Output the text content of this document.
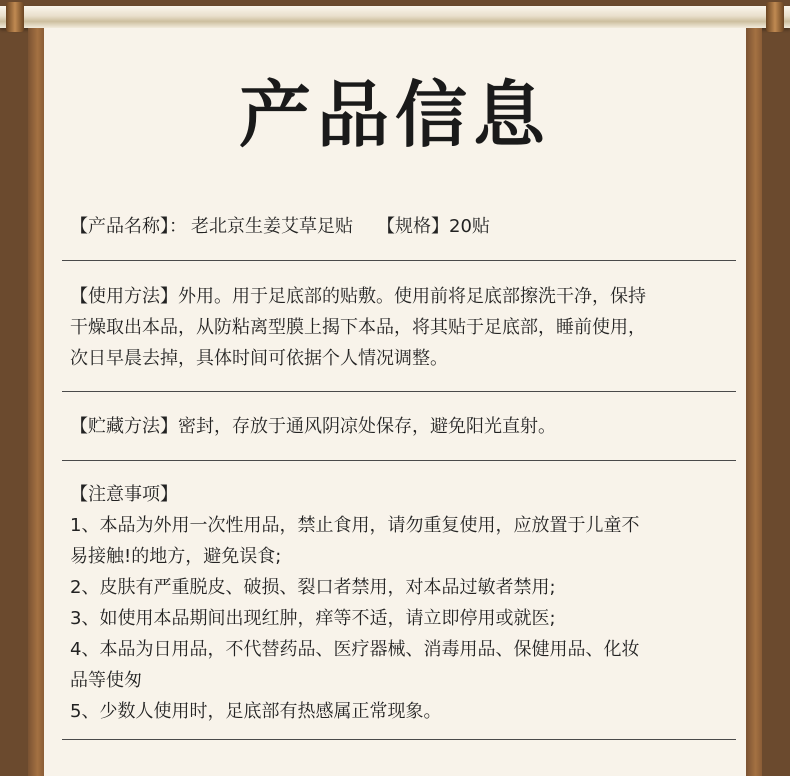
产品信息

【产品名称】： 老北京生姜艾草足贴 【规格】20贴

【使用方法】外用。用于足底部的贴敷。使用前将足底部擦洗干净，保持

干燥取出本品，从防粘离型膜上揭下本品，将其贴于足底部，睡前使用，

次日早晨去掉，具体时间可依据个人情况调整。

【贮藏方法】密封，存放于通风阴凉处保存，避免阳光直射。

【注意事项】

1、本品为外用一次性用品，禁止食用，请勿重复使用，应放置于儿童不

易接触!的地方，避免误食;

2、皮肤有严重脱皮、破损、裂口者禁用，对本品过敏者禁用;

3、如使用本品期间出现红肿，痒等不适，请立即停用或就医;

4、本品为日用品，不代替药品、医疗器械、消毒用品、保健用品、化妆

品等使匆

5、少数人使用时，足底部有热感属正常现象。
